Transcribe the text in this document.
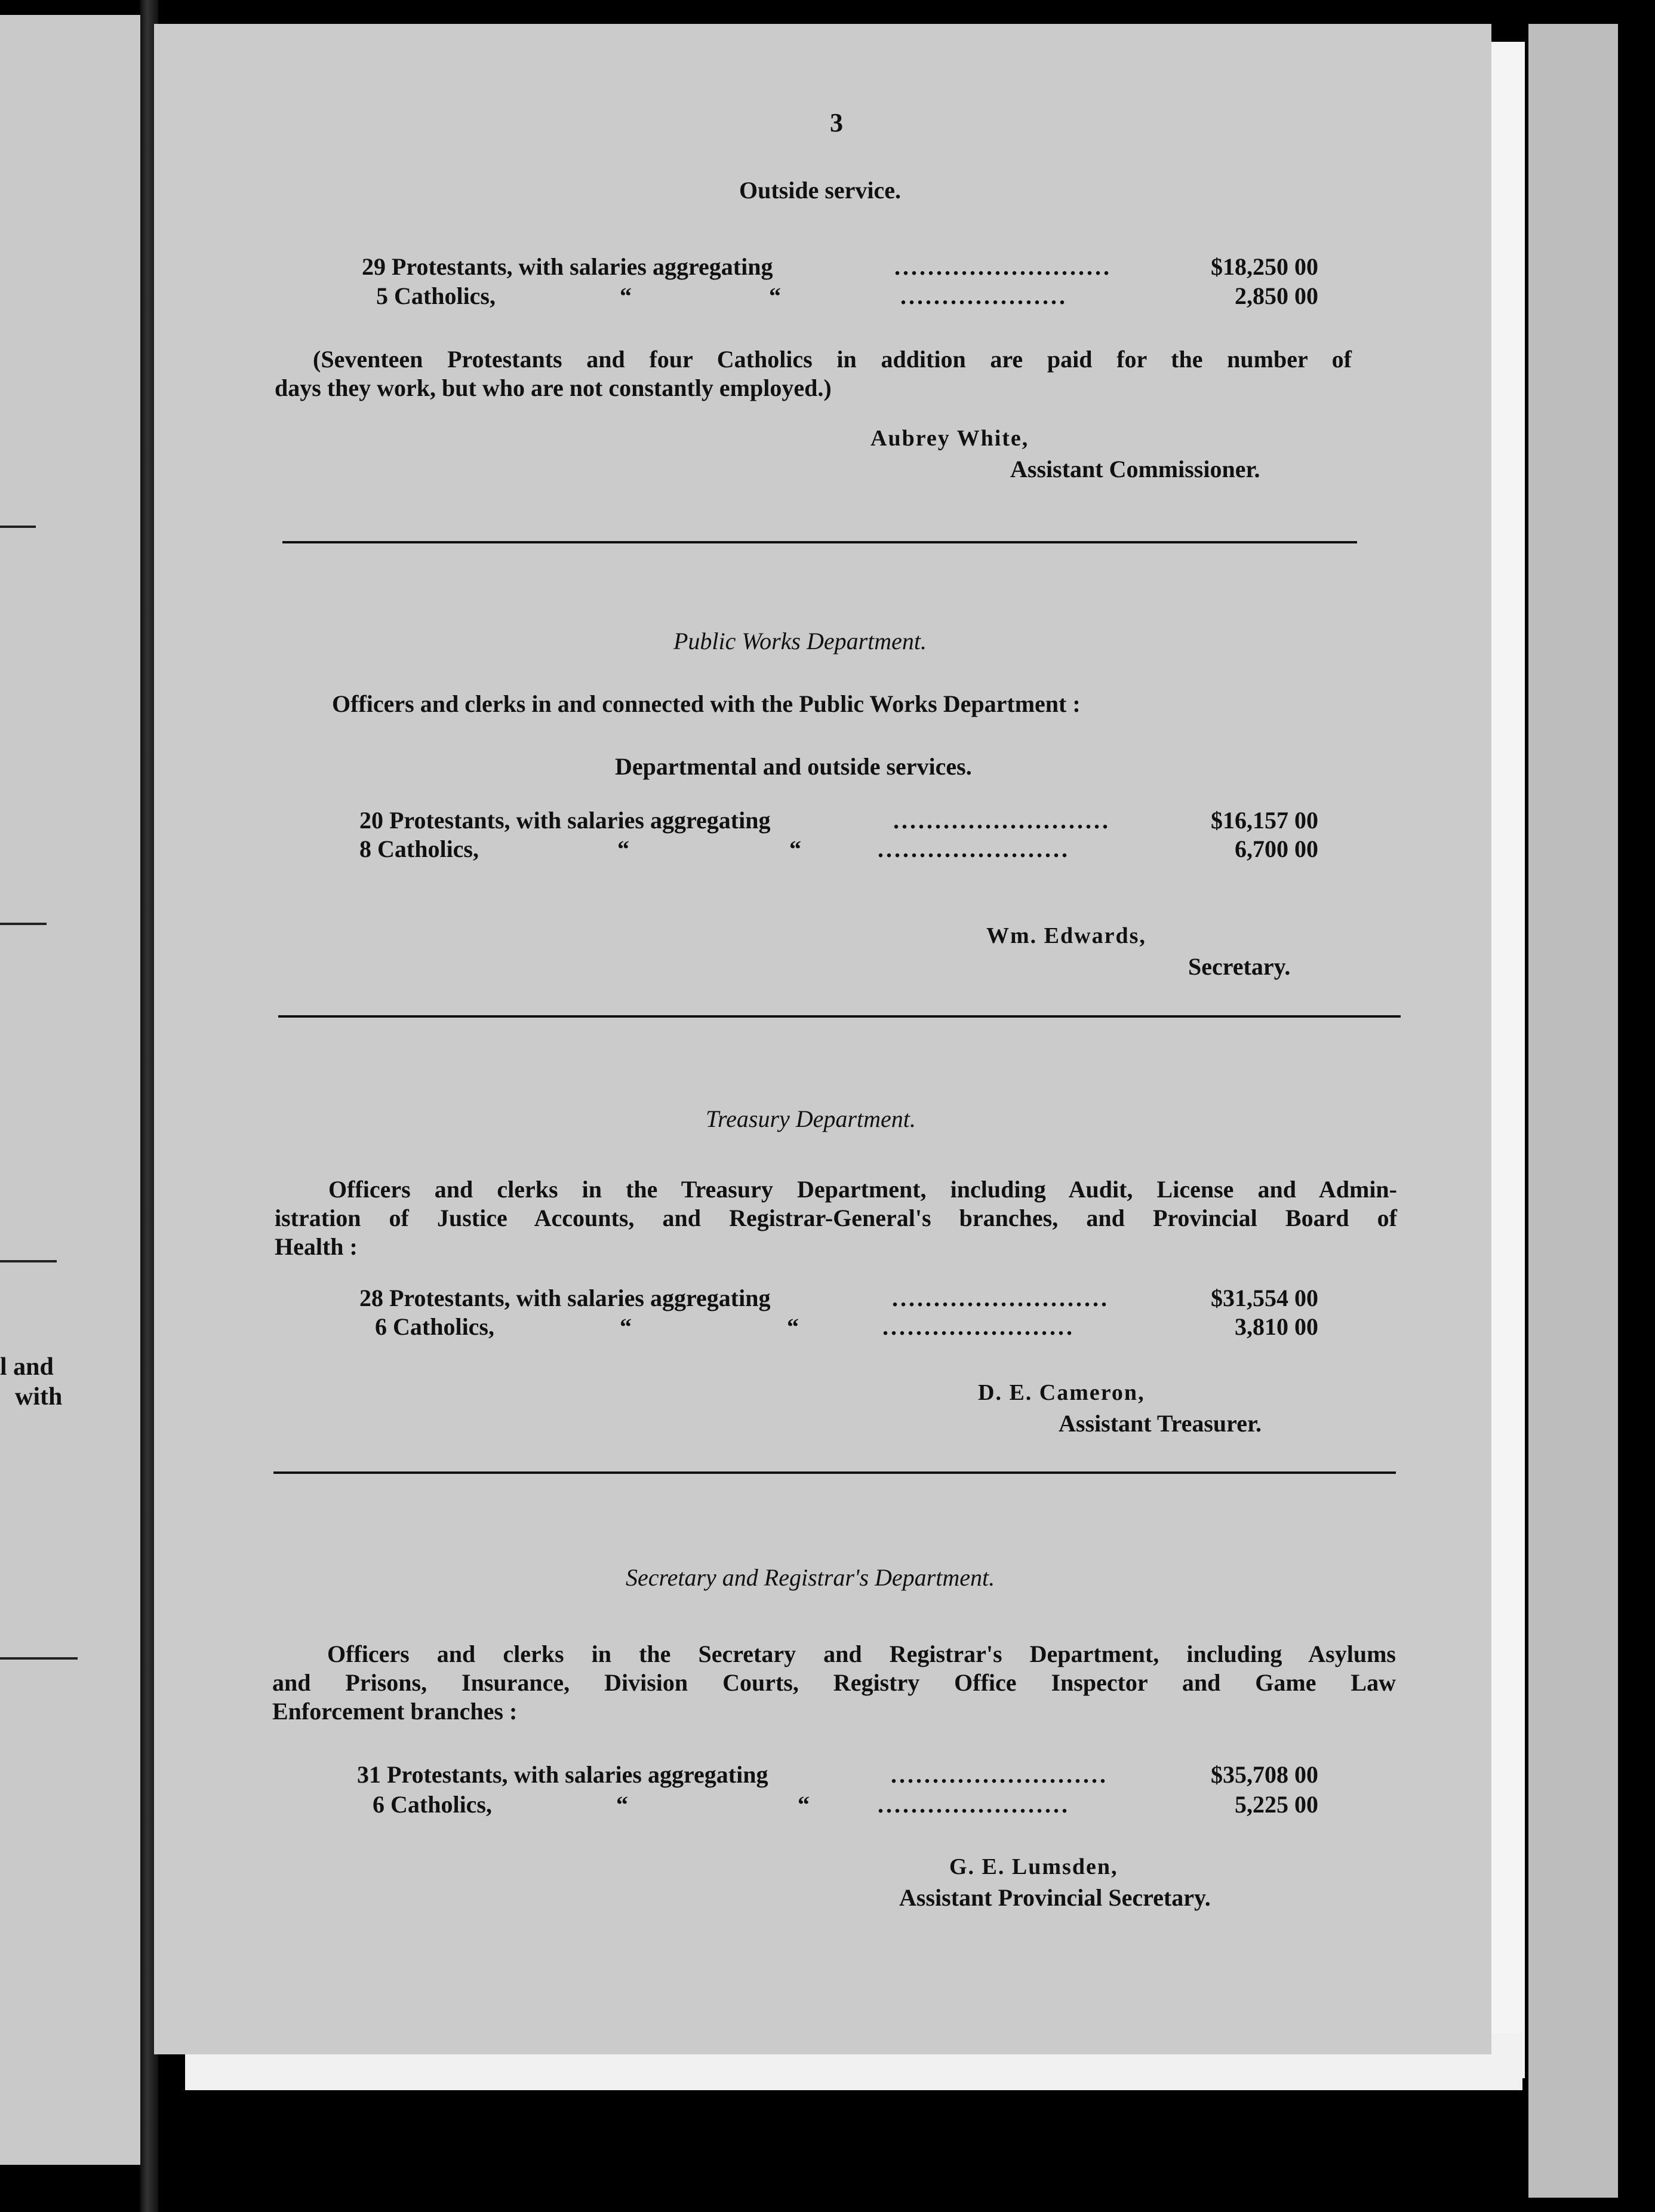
l and
with
3
Outside service.
29 Protestants, with salaries aggregating	..........................	$18,250 00
5 Catholics,	“	“	....................	2,850 00
(Seventeen Protestants and four Catholics in addition are paid for the number of
days they work, but who are not constantly employed.)
Aubrey White,
Assistant Commissioner.
Public Works Department.
Officers and clerks in and connected with the Public Works Department :
Departmental and outside services.
20 Protestants, with salaries aggregating	..........................	$16,157 00
8 Catholics,	“	“	.......................	6,700 00
Wm. Edwards,
Secretary.
Treasury Department.
Officers and clerks in the Treasury Department, including Audit, License and Admin-
istration of Justice Accounts, and Registrar-General's branches, and Provincial Board of
Health :
28 Protestants, with salaries aggregating	..........................	$31,554 00
6 Catholics,	“	“	.......................	3,810 00
D. E. Cameron,
Assistant Treasurer.
Secretary and Registrar's Department.
Officers and clerks in the Secretary and Registrar's Department, including Asylums
and Prisons, Insurance, Division Courts, Registry Office Inspector and Game Law
Enforcement branches :
31 Protestants, with salaries aggregating	..........................	$35,708 00
6 Catholics,	“	“	.......................	5,225 00
G. E. Lumsden,
Assistant Provincial Secretary.
